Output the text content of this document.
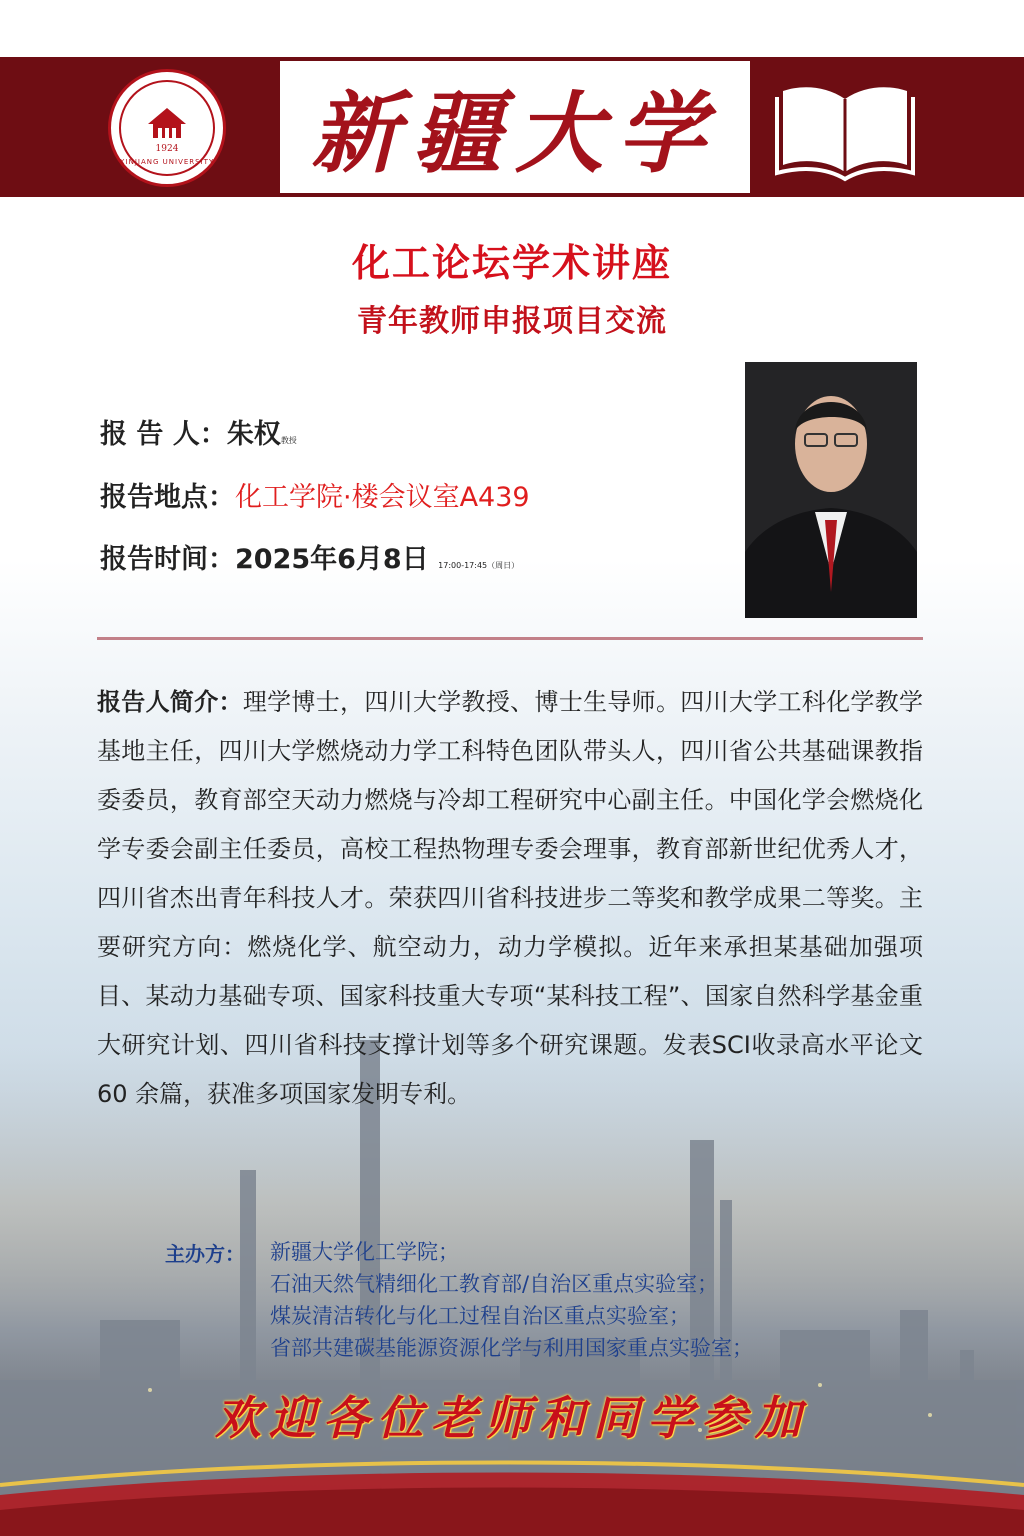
1924
XINJIANG UNIVERSITY	新疆大学
化工论坛学术讲座
青年教师申报项目交流
报 告 人：朱权教授
报告地点：化工学院·楼会议室A439
报告时间：2025年6月8日 17:00-17:45（周日）
报告人简介：理学博士，四川大学教授、博士生导师。四川大学工科化学教学基地主任，四川大学燃烧动力学工科特色团队带头人，四川省公共基础课教指委委员，教育部空天动力燃烧与冷却工程研究中心副主任。中国化学会燃烧化学专委会副主任委员，高校工程热物理专委会理事，教育部新世纪优秀人才，四川省杰出青年科技人才。荣获四川省科技进步二等奖和教学成果二等奖。主要研究方向：燃烧化学、航空动力，动力学模拟。近年来承担某基础加强项目、某动力基础专项、国家科技重大专项“某科技工程”、国家自然科学基金重大研究计划、四川省科技支撑计划等多个研究课题。发表SCI收录高水平论文60 余篇，获准多项国家发明专利。
主办方： 新疆大学化工学院；
石油天然气精细化工教育部/自治区重点实验室；
煤炭清洁转化与化工过程自治区重点实验室；
省部共建碳基能源资源化学与利用国家重点实验室；
欢迎各位老师和同学参加
